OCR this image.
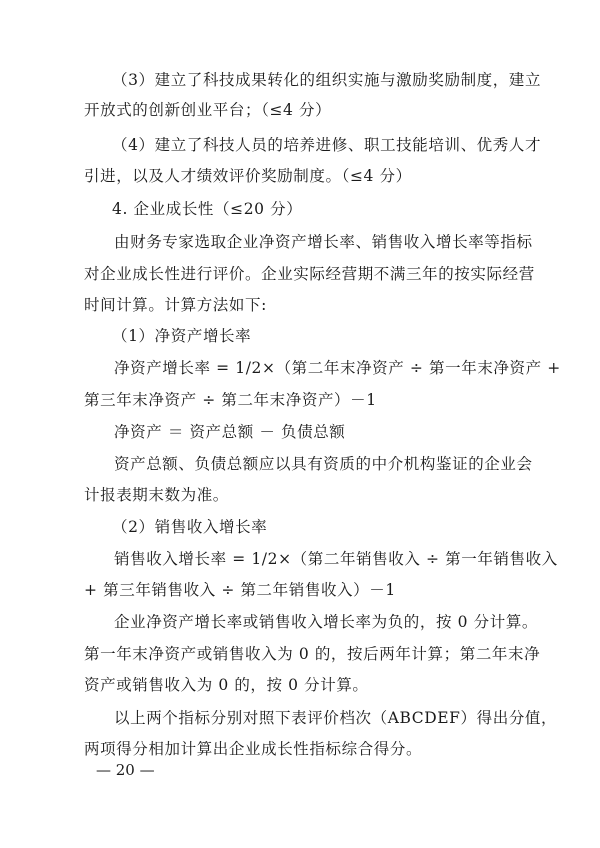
（3）建立了科技成果转化的组织实施与激励奖励制度，建立
开放式的创新创业平台；（≤4 分）
（4）建立了科技人员的培养进修、职工技能培训、优秀人才
引进，以及人才绩效评价奖励制度。（≤4 分）
4. 企业成长性（≤20 分）
由财务专家选取企业净资产增长率、销售收入增长率等指标
对企业成长性进行评价。企业实际经营期不满三年的按实际经营
时间计算。计算方法如下:
（1）净资产增长率
净资产增长率 = 1/2×（第二年末净资产 ÷ 第一年末净资产 +
第三年末净资产 ÷ 第二年末净资产）－1
净资产 ＝ 资产总额 － 负债总额
资产总额、负债总额应以具有资质的中介机构鉴证的企业会
计报表期末数为准。
（2）销售收入增长率
销售收入增长率 = 1/2×（第二年销售收入 ÷ 第一年销售收入
+ 第三年销售收入 ÷ 第二年销售收入）－1
企业净资产增长率或销售收入增长率为负的，按 0 分计算。
第一年末净资产或销售收入为 0 的，按后两年计算；第二年末净
资产或销售收入为 0 的，按 0 分计算。
以上两个指标分别对照下表评价档次（ABCDEF）得出分值，
两项得分相加计算出企业成长性指标综合得分。
— 20 —
